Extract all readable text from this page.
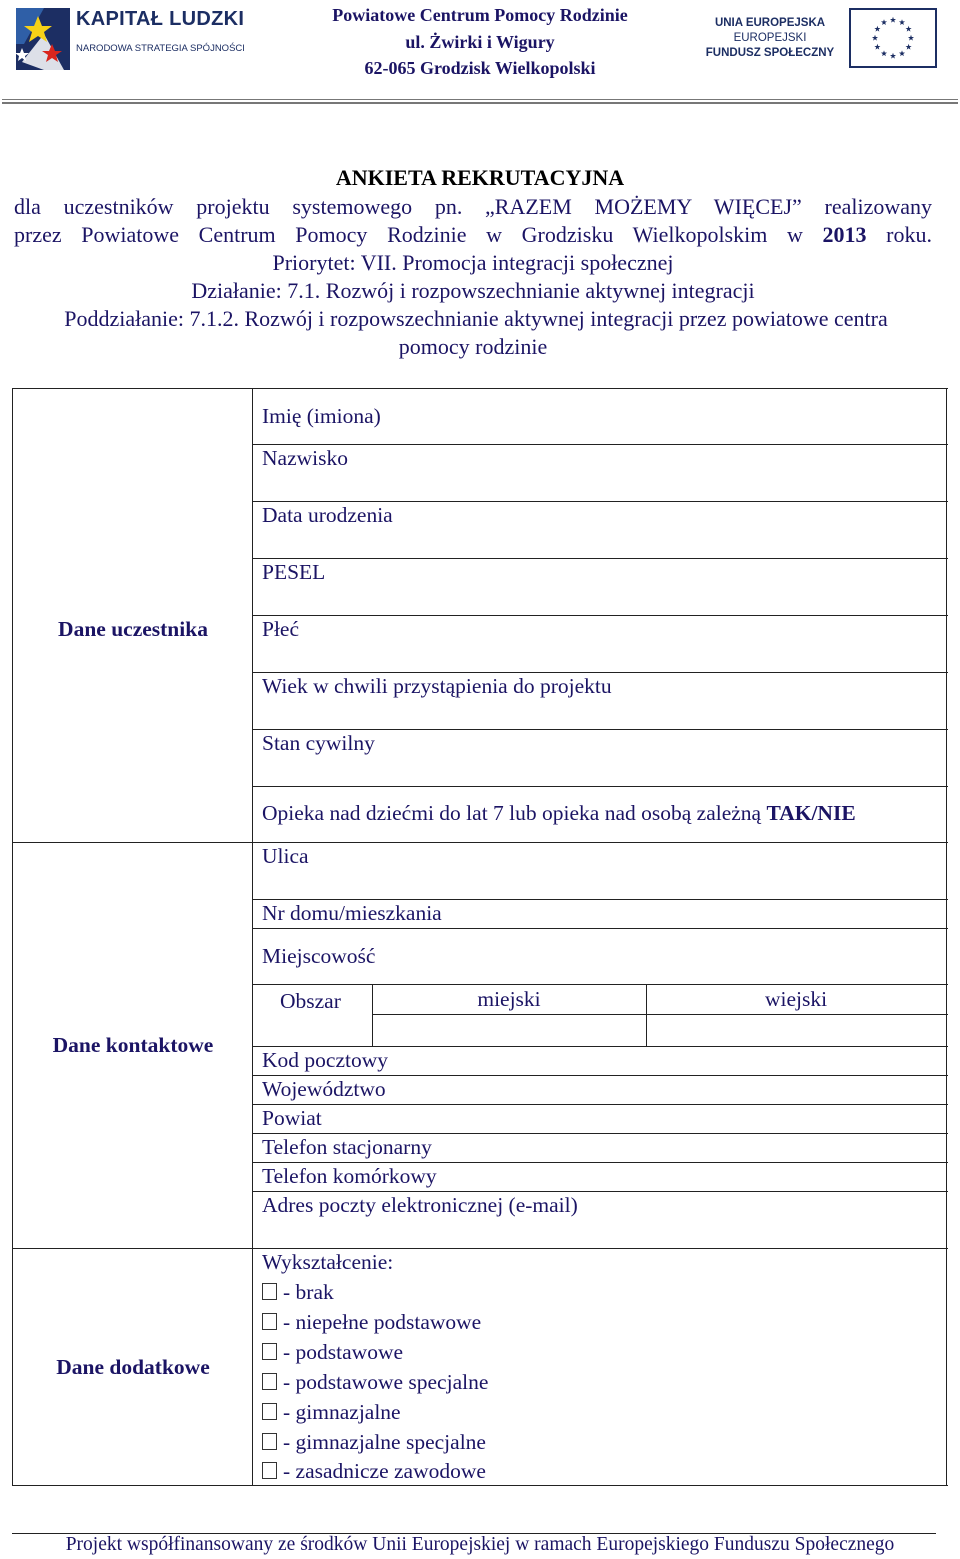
KAPITAŁ LUDZKI
NARODOWA STRATEGIA SPÓJNOŚCI
Powiatowe Centrum Pomocy Rodzinie
ul. Żwirki i Wigury
62-065 Grodzisk Wielkopolski
UNIA EUROPEJSKA
EUROPEJSKI
FUNDUSZ SPOŁECZNY
ANKIETA REKRUTACYJNA
dla uczestników projektu systemowego pn. „RAZEM MOŻEMY WIĘCEJ” realizowany
przez Powiatowe Centrum Pomocy Rodzinie w Grodzisku Wielkopolskim w 2013 roku.
Priorytet: VII. Promocja integracji społecznej
Działanie: 7.1. Rozwój i rozpowszechnianie aktywnej integracji
Poddziałanie: 7.1.2. Rozwój i rozpowszechnianie aktywnej integracji przez powiatowe centra
pomocy rodzinie
Dane uczestnika
Dane kontaktowe
Dane dodatkowe
Imię (imiona)
Nazwisko
Data urodzenia
PESEL
Płeć
Wiek w chwili przystąpienia do projektu
Stan cywilny
Opieka nad dziećmi do lat 7 lub opieka nad osobą zależną TAK/NIE
Ulica
Nr domu/mieszkania
Miejscowość
Obszar	miejski	wiejski
Kod pocztowy
Województwo
Powiat
Telefon stacjonarny
Telefon komórkowy
Adres poczty elektronicznej (e-mail)
Wykształcenie:
- brak
- niepełne podstawowe
- podstawowe
- podstawowe specjalne
- gimnazjalne
- gimnazjalne specjalne
- zasadnicze zawodowe
Projekt współfinansowany ze środków Unii Europejskiej w ramach Europejskiego Funduszu Społecznego
